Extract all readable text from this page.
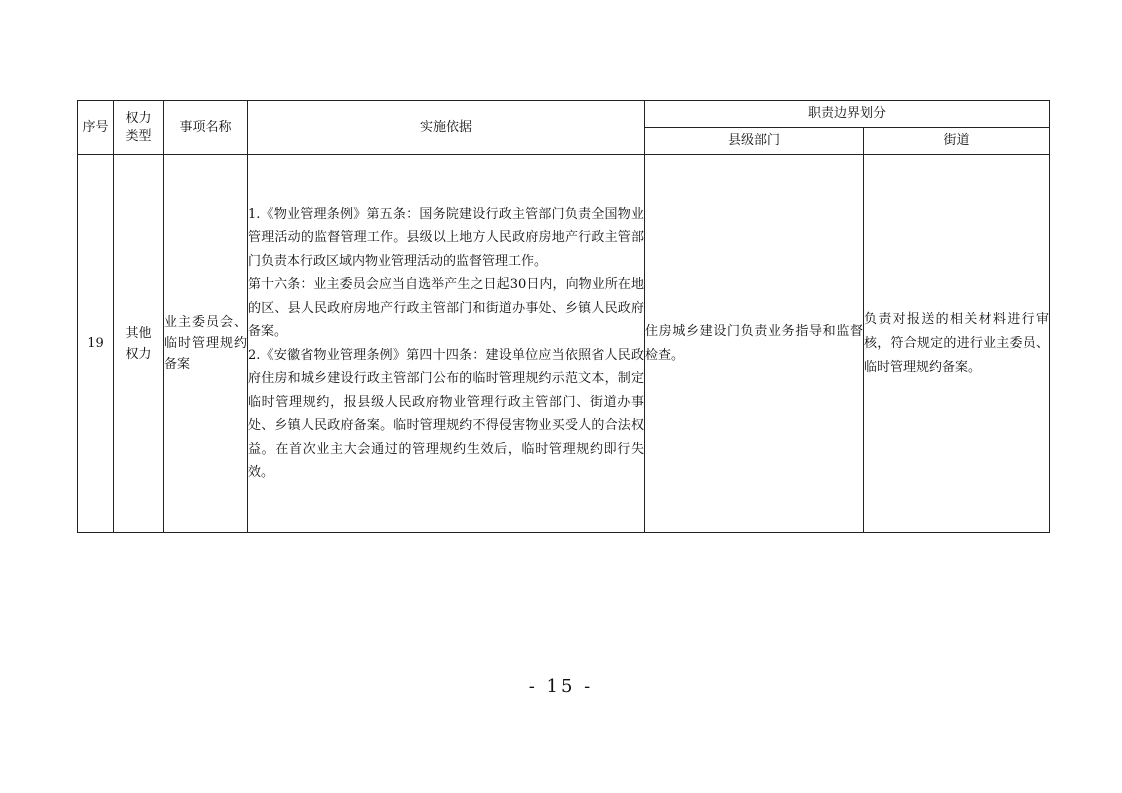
序号	权力类型	事项名称	实施依据	职责边界划分	
				县级部门	街道
19	其他权力	业主委员会、临时管理规约备案	1.《物业管理条例》第五条：国务院建设行政主管部门负责全国物业管理活动的监督管理工作。县级以上地方人民政府房地产行政主管部门负责本行政区域内物业管理活动的监督管理工作。

第十六条：业主委员会应当自选举产生之日起30日内，向物业所在地的区、县人民政府房地产行政主管部门和街道办事处、乡镇人民政府备案。

2.《安徽省物业管理条例》第四十四条：建设单位应当依照省人民政府住房和城乡建设行政主管部门公布的临时管理规约示范文本，制定临时管理规约，报县级人民政府物业管理行政主管部门、街道办事处、乡镇人民政府备案。临时管理规约不得侵害物业买受人的合法权益。在首次业主大会通过的管理规约生效后，临时管理规约即行失效。	住房城乡建设门负责业务指导和监督检查。	负责对报送的相关材料进行审核，符合规定的进行业主委员、临时管理规约备案。
- 15 -
